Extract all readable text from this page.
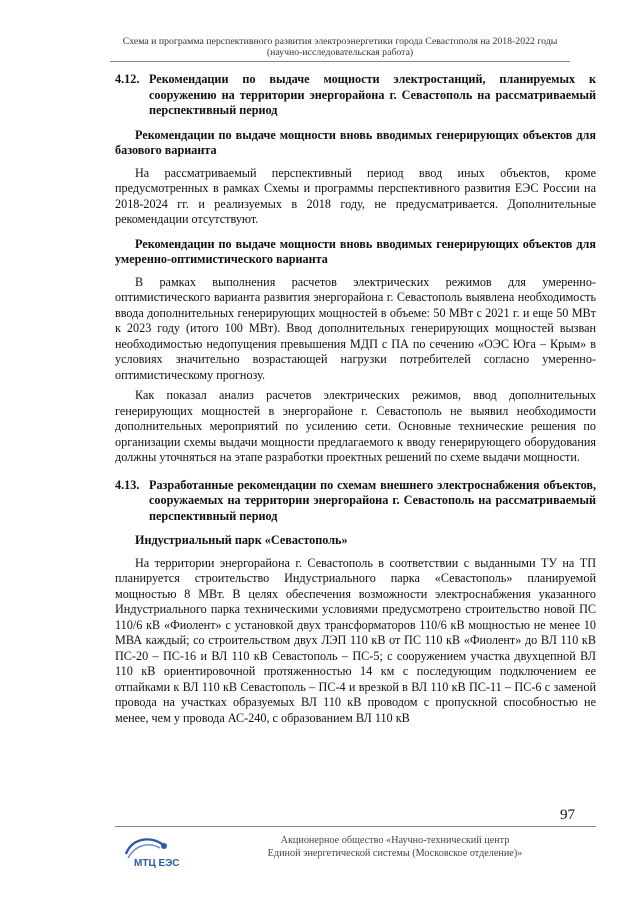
Схема и программа перспективного развития электроэнергетики города Севастополя на 2018-2022 годы
(научно-исследовательская работа)
4.12. Рекомендации по выдаче мощности электростанций, планируемых к сооружению на территории энергорайона г. Севастополь на рассматриваемый перспективный период
Рекомендации по выдаче мощности вновь вводимых генерирующих объектов для базового варианта

На рассматриваемый перспективный период ввод иных объектов, кроме предусмотренных в рамках Схемы и программы перспективного развития ЕЭС России на 2018-2024 гг. и реализуемых в 2018 году, не предусматривается. Дополнительные рекомендации отсутствуют.

Рекомендации по выдаче мощности вновь вводимых генерирующих объектов для умеренно-оптимистического варианта

В рамках выполнения расчетов электрических режимов для умеренно-оптимистического варианта развития энергорайона г. Севастополь выявлена необходимость ввода дополнительных генерирующих мощностей в объеме: 50 МВт с 2021 г. и еще 50 МВт к 2023 году (итого 100 МВт). Ввод дополнительных генерирующих мощностей вызван необходимостью недопущения превышения МДП с ПА по сечению «ОЭС Юга – Крым» в условиях значительно возрастающей нагрузки потребителей согласно умеренно-оптимистическому прогнозу.

Как показал анализ расчетов электрических режимов, ввод дополнительных генерирующих мощностей в энергорайоне г. Севастополь не выявил необходимости дополнительных мероприятий по усилению сети. Основные технические решения по организации схемы выдачи мощности предлагаемого к вводу генерирующего оборудования должны уточняться на этапе разработки проектных решений по схеме выдачи мощности.

4.13. Разработанные рекомендации по схемам внешнего электроснабжения объектов, сооружаемых на территории энергорайона г. Севастополь на рассматриваемый перспективный период
Индустриальный парк «Севастополь»

На территории энергорайона г. Севастополь в соответствии с выданными ТУ на ТП планируется строительство Индустриального парка «Севастополь» планируемой мощностью 8 МВт. В целях обеспечения возможности электроснабжения указанного Индустриального парка техническими условиями предусмотрено строительство новой ПС 110/6 кВ «Фиолент» с установкой двух трансформаторов 110/6 кВ мощностью не менее 10 МВА каждый; со строительством двух ЛЭП 110 кВ от ПС 110 кВ «Фиолент» до ВЛ 110 кВ ПС-20 – ПС-16 и ВЛ 110 кВ Севастополь – ПС-5; с сооружением участка двухцепной ВЛ 110 кВ ориентировочной протяженностью 14 км с последующим подключением ее отпайками к ВЛ 110 кВ Севастополь – ПС-4 и врезкой в ВЛ 110 кВ ПС-11 – ПС-6 с заменой провода на участках образуемых ВЛ 110 кВ проводом с пропускной способностью не менее, чем у провода АС-240, с образованием ВЛ 110 кВ

97
МТЦ ЕЭС
Акционерное общество «Научно-технический центр
Единой энергетической системы (Московское отделение)»
